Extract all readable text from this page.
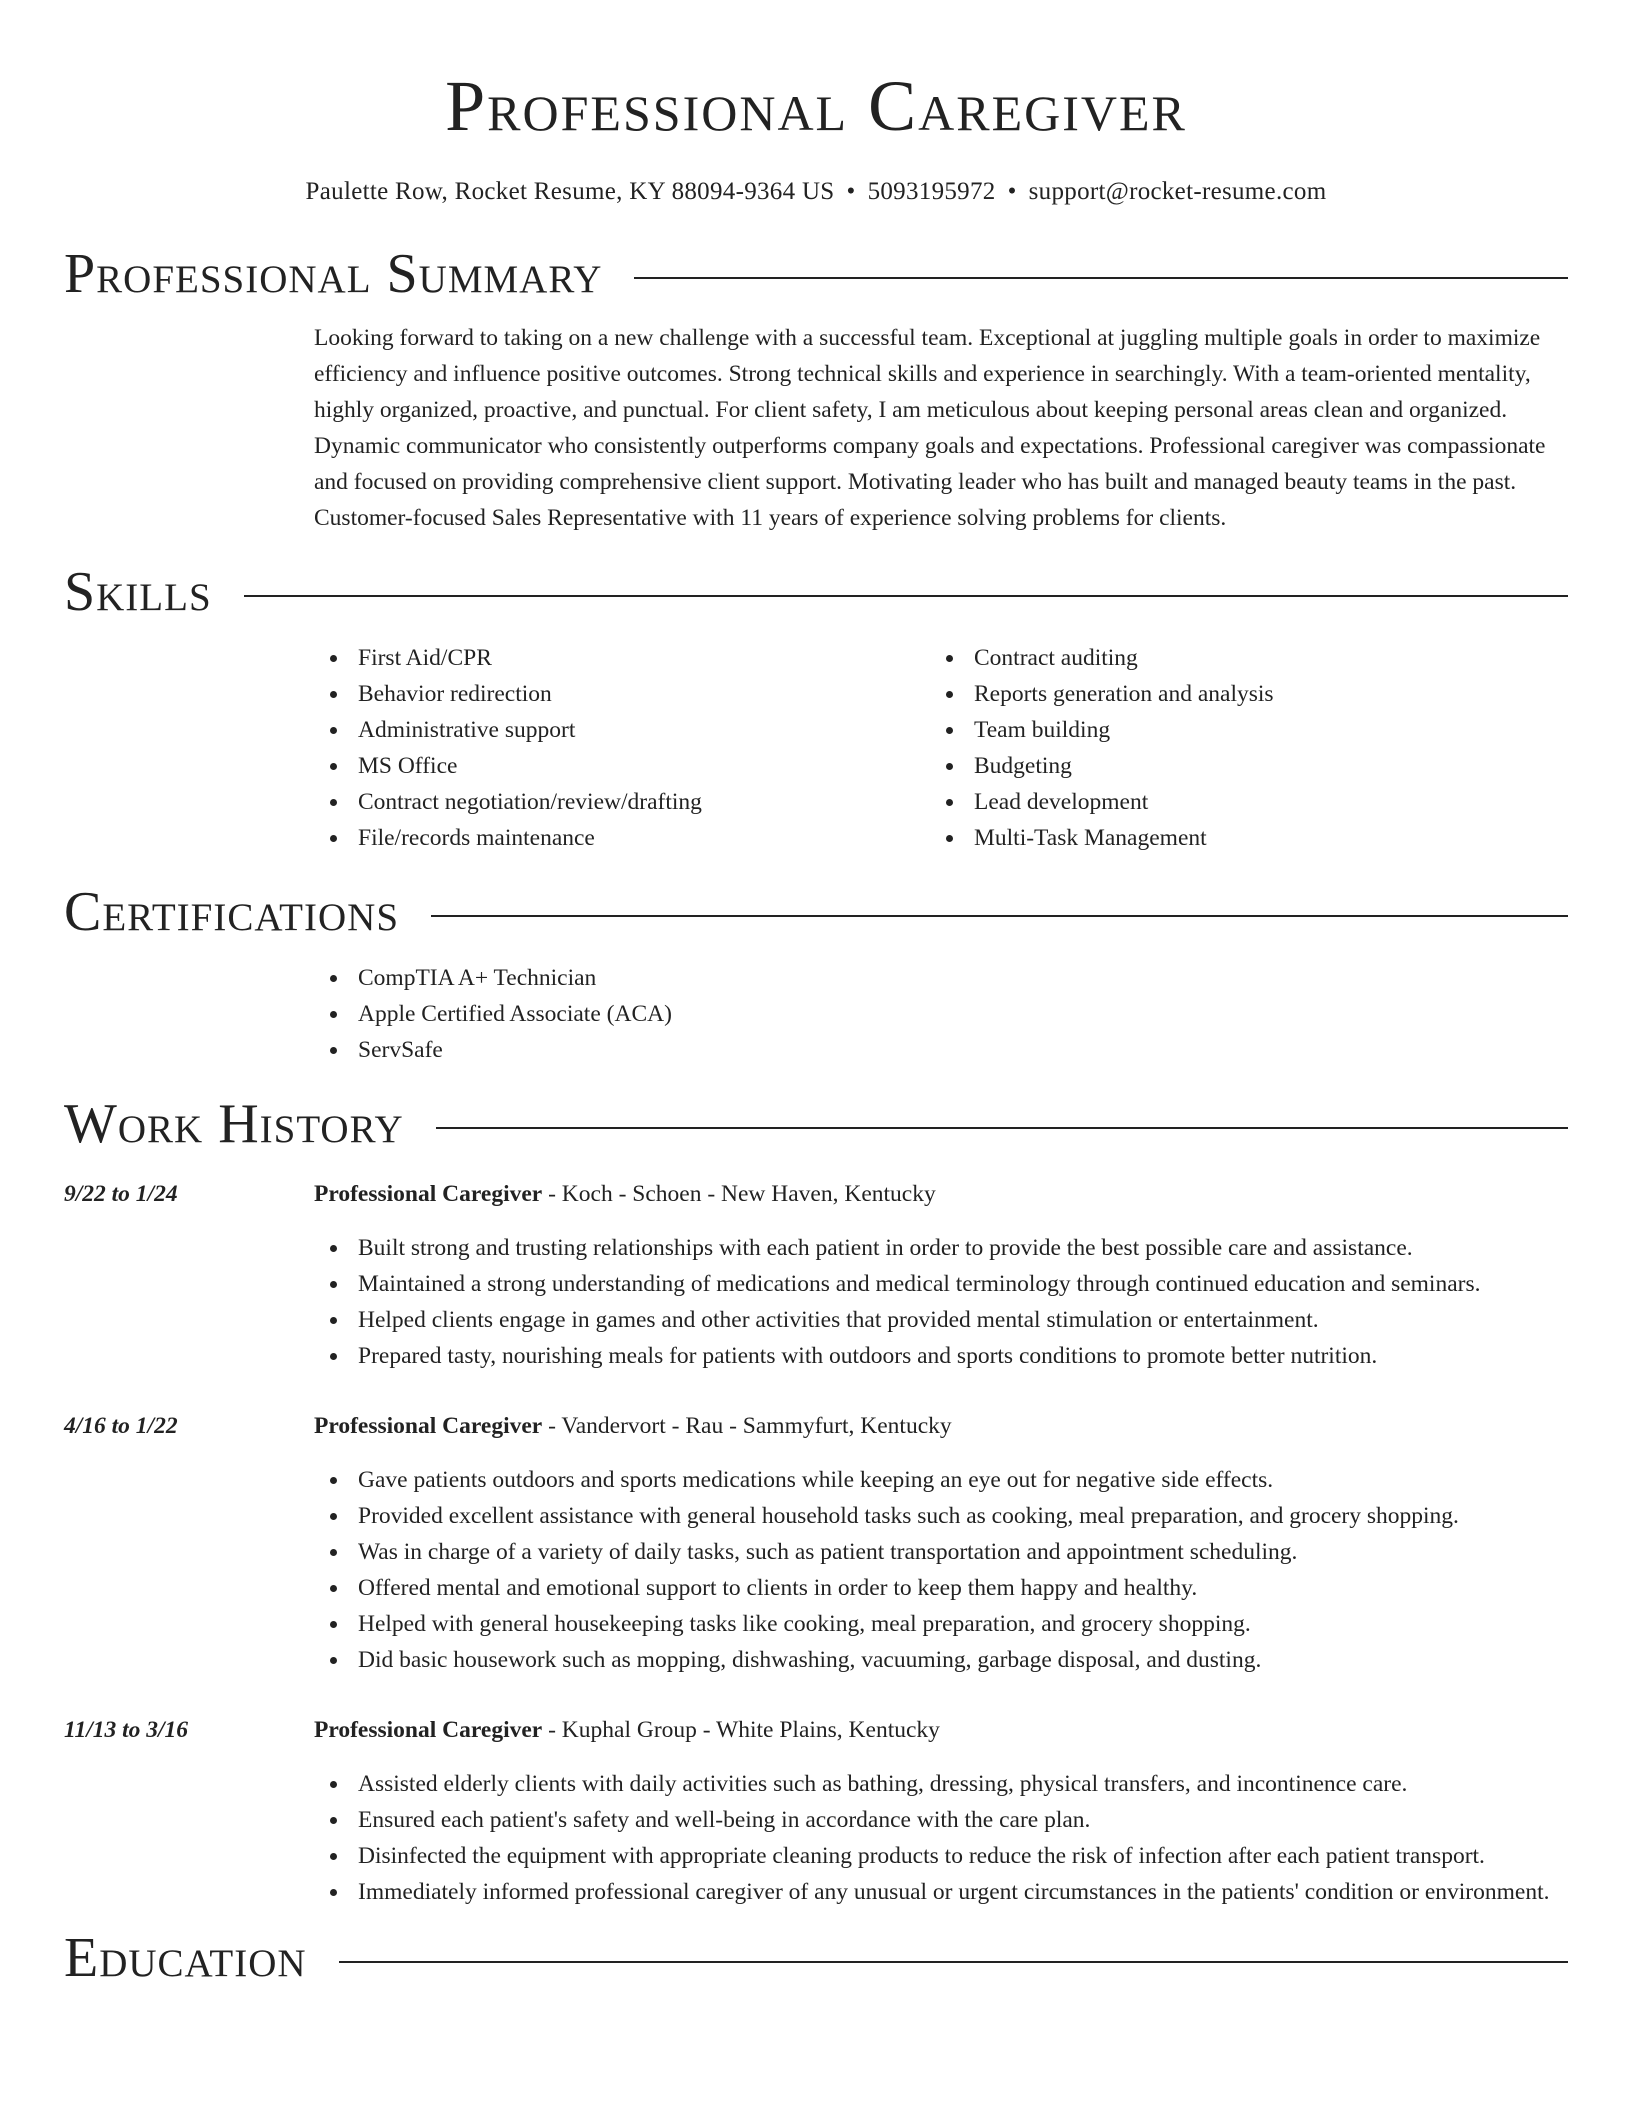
Professional Caregiver
Paulette Row, Rocket Resume, KY 88094-9364 US • 5093195972 • support@rocket-resume.com
Professional Summary

Looking forward to taking on a new challenge with a successful team. Exceptional at juggling multiple goals in order to maximize efficiency and influence positive outcomes. Strong technical skills and experience in searchingly. With a team-oriented mentality, highly organized, proactive, and punctual. For client safety, I am meticulous about keeping personal areas clean and organized. Dynamic communicator who consistently outperforms company goals and expectations. Professional caregiver was compassionate and focused on providing comprehensive client support. Motivating leader who has built and managed beauty teams in the past. Customer-focused Sales Representative with 11 years of experience solving problems for clients.

Skills
First Aid/CPR
Behavior redirection
Administrative support
MS Office
Contract negotiation/review/drafting
File/records maintenance
Contract auditing
Reports generation and analysis
Team building
Budgeting
Lead development
Multi-Task Management
Certifications
CompTIA A+ Technician
Apple Certified Associate (ACA)
ServSafe
Work History
9/22 to 1/24	Professional Caregiver - Koch - Schoen - New Haven, Kentucky
Built strong and trusting relationships with each patient in order to provide the best possible care and assistance.
Maintained a strong understanding of medications and medical terminology through continued education and seminars.
Helped clients engage in games and other activities that provided mental stimulation or entertainment.
Prepared tasty, nourishing meals for patients with outdoors and sports conditions to promote better nutrition.
4/16 to 1/22	Professional Caregiver - Vandervort - Rau - Sammyfurt, Kentucky
Gave patients outdoors and sports medications while keeping an eye out for negative side effects.
Provided excellent assistance with general household tasks such as cooking, meal preparation, and grocery shopping.
Was in charge of a variety of daily tasks, such as patient transportation and appointment scheduling.
Offered mental and emotional support to clients in order to keep them happy and healthy.
Helped with general housekeeping tasks like cooking, meal preparation, and grocery shopping.
Did basic housework such as mopping, dishwashing, vacuuming, garbage disposal, and dusting.
11/13 to 3/16	Professional Caregiver - Kuphal Group - White Plains, Kentucky
Assisted elderly clients with daily activities such as bathing, dressing, physical transfers, and incontinence care.
Ensured each patient's safety and well-being in accordance with the care plan.
Disinfected the equipment with appropriate cleaning products to reduce the risk of infection after each patient transport.
Immediately informed professional caregiver of any unusual or urgent circumstances in the patients' condition or environment.
Education
